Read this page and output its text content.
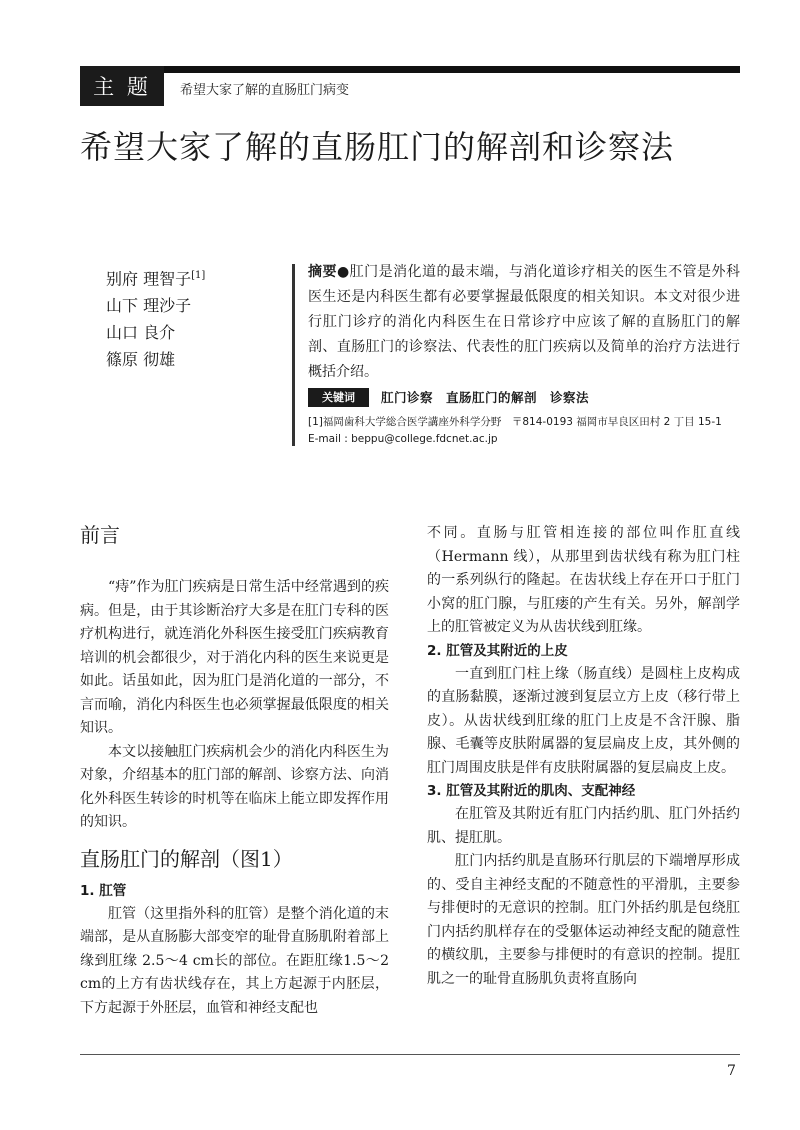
主 题	希望大家了解的直肠肛门病变
希望大家了解的直肠肛门的解剖和诊察法
别府 理智子[1]
山下 理沙子
山口 良介
篠原 彻雄
摘要●肛门是消化道的最末端，与消化道诊疗相关的医生不管是外科医生还是内科医生都有必要掌握最低限度的相关知识。本文对很少进行肛门诊疗的消化内科医生在日常诊疗中应该了解的直肠肛门的解剖、直肠肛门的诊察法、代表性的肛门疾病以及简单的治疗方法进行概括介绍。
关键词	肛门诊察　直肠肛门的解剖　诊察法
[1]福岡歯科大学総合医学講座外科学分野　〒814-0193 福岡市早良区田村 2 丁目 15-1
E-mail : beppu@college.fdcnet.ac.jp
前言

“痔”作为肛门疾病是日常生活中经常遇到的疾病。但是，由于其诊断治疗大多是在肛门专科的医疗机构进行，就连消化外科医生接受肛门疾病教育培训的机会都很少，对于消化内科的医生来说更是如此。话虽如此，因为肛门是消化道的一部分，不言而喻，消化内科医生也必须掌握最低限度的相关知识。

本文以接触肛门疾病机会少的消化内科医生为对象，介绍基本的肛门部的解剖、诊察方法、向消化外科医生转诊的时机等在临床上能立即发挥作用的知识。

直肠肛门的解剖（图1）
1. 肛管

肛管（这里指外科的肛管）是整个消化道的末端部，是从直肠膨大部变窄的耻骨直肠肌附着部上缘到肛缘 2.5～4 cm长的部位。在距肛缘1.5～2 cm的上方有齿状线存在，其上方起源于内胚层，下方起源于外胚层，血管和神经支配也

不同。直肠与肛管相连接的部位叫作肛直线（Hermann 线），从那里到齿状线有称为肛门柱的一系列纵行的隆起。在齿状线上存在开口于肛门小窝的肛门腺，与肛瘘的产生有关。另外，解剖学上的肛管被定义为从齿状线到肛缘。

2. 肛管及其附近的上皮

一直到肛门柱上缘（肠直线）是圆柱上皮构成的直肠黏膜，逐渐过渡到复层立方上皮（移行带上皮）。从齿状线到肛缘的肛门上皮是不含汗腺、脂腺、毛囊等皮肤附属器的复层扁皮上皮，其外侧的肛门周围皮肤是伴有皮肤附属器的复层扁皮上皮。

3. 肛管及其附近的肌肉、支配神经

在肛管及其附近有肛门内括约肌、肛门外括约肌、提肛肌。

肛门内括约肌是直肠环行肌层的下端增厚形成的、受自主神经支配的不随意性的平滑肌，主要参与排便时的无意识的控制。肛门外括约肌是包绕肛门内括约肌样存在的受躯体运动神经支配的随意性的横纹肌，主要参与排便时的有意识的控制。提肛肌之一的耻骨直肠肌负责将直肠向

7
